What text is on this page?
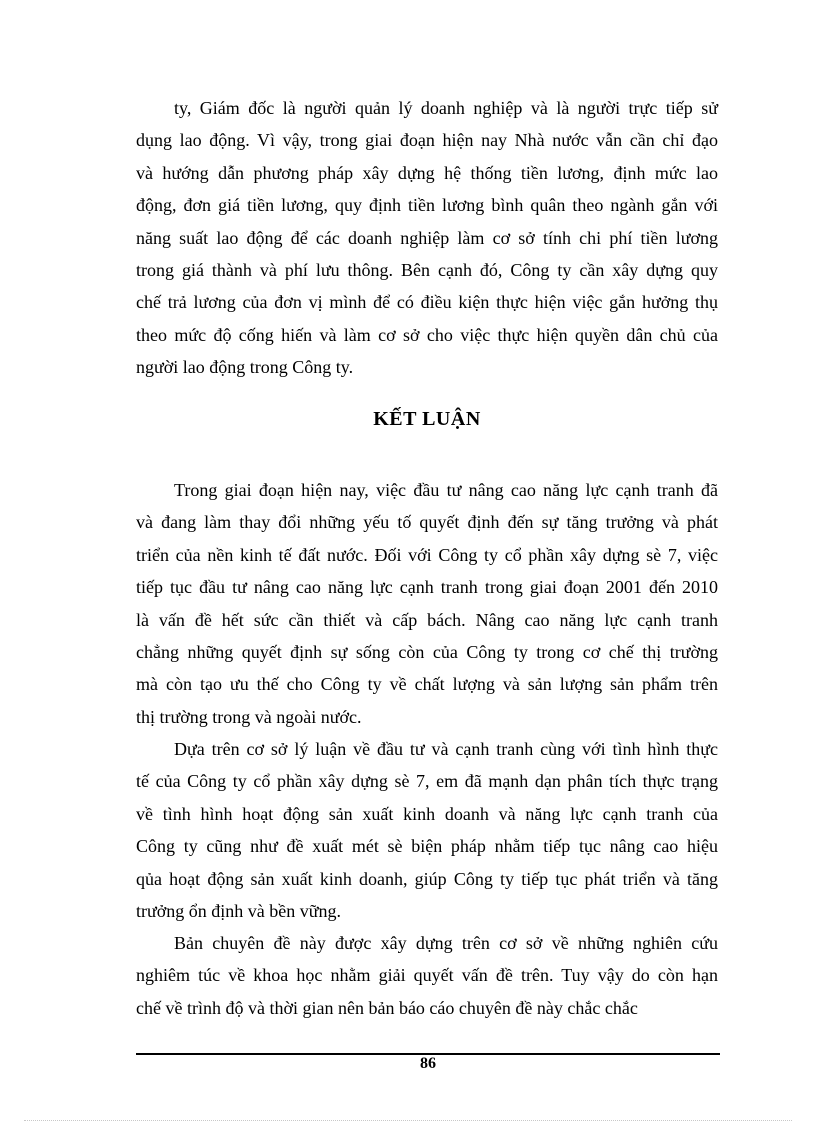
ty, Giám đốc là người quản lý doanh nghiệp và là người trực tiếp sử
dụng lao động. Vì vậy, trong giai đoạn hiện nay Nhà nước vẫn cần chỉ đạo
và hướng dẫn phương pháp xây dựng hệ thống tiền lương, định mức lao
động, đơn giá tiền lương, quy định tiền lương bình quân theo ngành gắn với
năng suất lao động để các doanh nghiệp làm cơ sở tính chi phí tiền lương
trong giá thành và phí lưu thông. Bên cạnh đó, Công ty cần xây dựng quy
chế trả lương của đơn vị mình để có điều kiện thực hiện việc gắn hưởng thụ
theo mức độ cống hiến và làm cơ sở cho việc thực hiện quyền dân chủ của
người lao động trong Công ty.
KẾT LUẬN
Trong giai đoạn hiện nay, việc đầu tư nâng cao năng lực cạnh tranh đã
và đang làm thay đổi những yếu tố quyết định đến sự tăng trưởng và phát
triển của nền kinh tế đất nước. Đối với Công ty cổ phần xây dựng sè 7, việc
tiếp tục đầu tư nâng cao năng lực cạnh tranh trong giai đoạn 2001 đến 2010
là vấn đề hết sức cần thiết và cấp bách. Nâng cao năng lực cạnh tranh
chẳng những quyết định sự sống còn của Công ty trong cơ chế thị trường
mà còn tạo ưu thế cho Công ty về chất lượng và sản lượng sản phẩm trên
thị trường trong và ngoài nước.
Dựa trên cơ sở lý luận về đầu tư và cạnh tranh cùng với tình hình thực
tế của Công ty cổ phần xây dựng sè 7, em đã mạnh dạn phân tích thực trạng
về tình hình hoạt động sản xuất kinh doanh và năng lực cạnh tranh của
Công ty cũng như đề xuất mét sè biện pháp nhằm tiếp tục nâng cao hiệu
qủa hoạt động sản xuất kinh doanh, giúp Công ty tiếp tục phát triển và tăng
trưởng ổn định và bền vững.
Bản chuyên đề này được xây dựng trên cơ sở về những nghiên cứu
nghiêm túc về khoa học nhằm giải quyết vấn đề trên. Tuy vậy do còn hạn
chế về trình độ và thời gian nên bản báo cáo chuyên đề này chắc chắc
86
